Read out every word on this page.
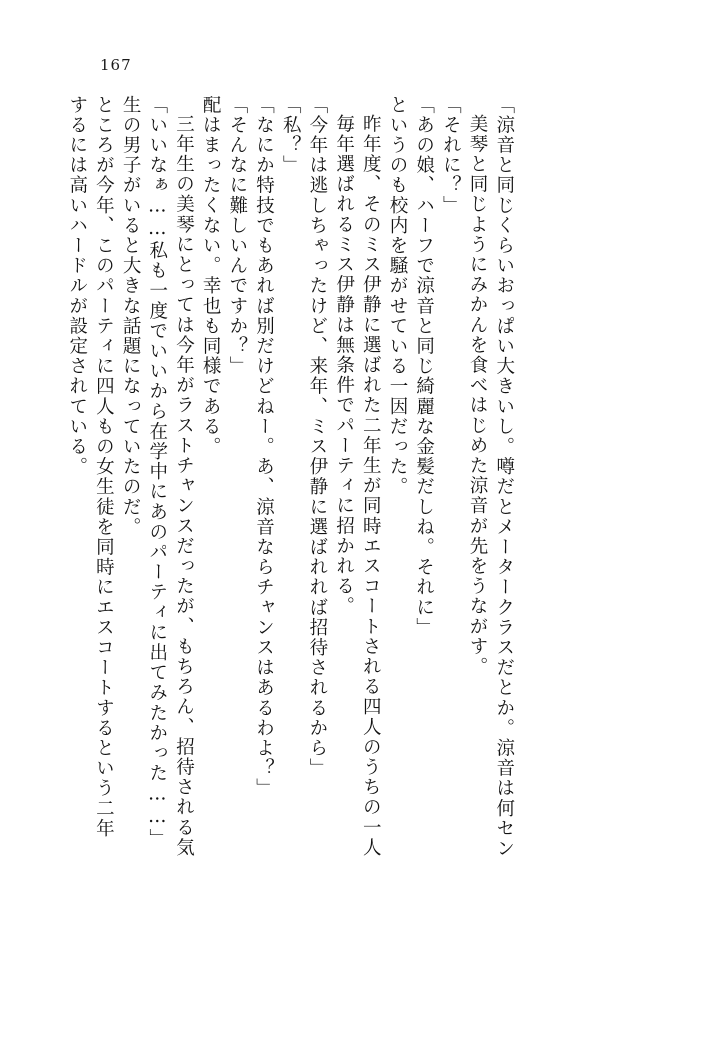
167
するには高いハードルが設定されている。 ところが今年、このパーティに四人もの女生徒を同時にエスコートするという二年 生の男子がいると大きな話題になっていたのだ。 「いいなぁ……私も一度でいいから在学中にあのパーティに出てみたかった……」 三年生の美琴にとっては今年がラストチャンスだったが、もちろん、招待される気 配はまったくない。幸也も同様である。 「そんなに難しいんですか？」 「なにか特技でもあれば別だけどねー。あ、涼音ならチャンスはあるわよ？」 「私？」 「今年は逃しちゃったけど、来年、ミス伊静に選ばれれば招待されるから」 毎年選ばれるミス伊静は無条件でパーティに招かれる。 昨年度、そのミス伊静に選ばれた二年生が同時エスコートされる四人のうちの一人 というのも校内を騒がせている一因だった。 「あの娘、ハーフで涼音と同じ綺麗な金髪だしね。それに」 「それに？」 美琴と同じようにみかんを食べはじめた涼音が先をうながす。 「涼音と同じくらいおっぱい大きいし。噂だとメータークラスだとか。涼音は何セン
